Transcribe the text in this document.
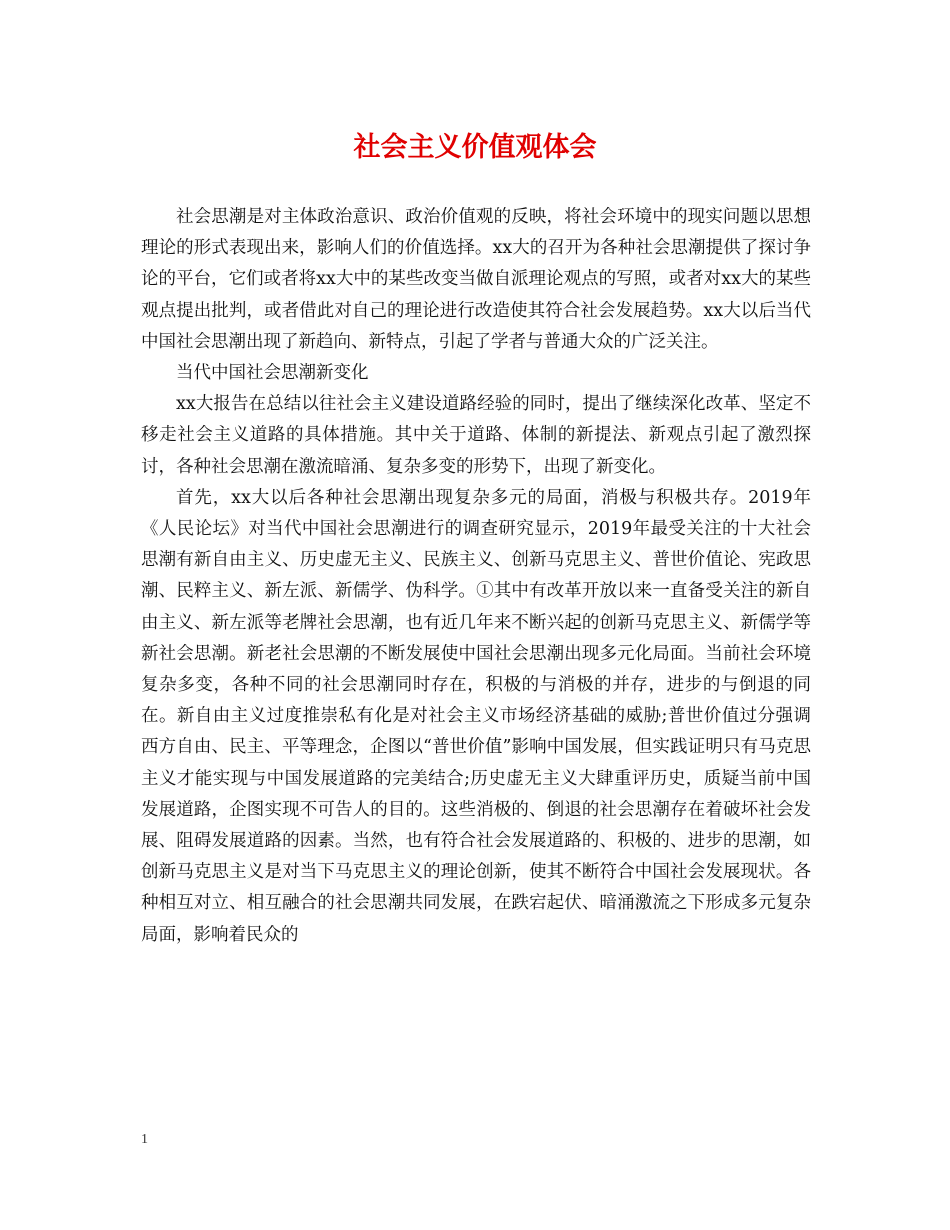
社会主义价值观体会

社会思潮是对主体政治意识、政治价值观的反映，将社会环境中的现实问题以思想理论的形式表现出来，影响人们的价值选择。xx大的召开为各种社会思潮提供了探讨争论的平台，它们或者将xx大中的某些改变当做自派理论观点的写照，或者对xx大的某些观点提出批判，或者借此对自己的理论进行改造使其符合社会发展趋势。xx大以后当代中国社会思潮出现了新趋向、新特点，引起了学者与普通大众的广泛关注。

当代中国社会思潮新变化

xx大报告在总结以往社会主义建设道路经验的同时，提出了继续深化改革、坚定不移走社会主义道路的具体措施。其中关于道路、体制的新提法、新观点引起了激烈探讨，各种社会思潮在激流暗涌、复杂多变的形势下，出现了新变化。

首先，xx大以后各种社会思潮出现复杂多元的局面，消极与积极共存。2019年《人民论坛》对当代中国社会思潮进行的调查研究显示，2019年最受关注的十大社会思潮有新自由主义、历史虚无主义、民族主义、创新马克思主义、普世价值论、宪政思潮、民粹主义、新左派、新儒学、伪科学。①其中有改革开放以来一直备受关注的新自由主义、新左派等老牌社会思潮，也有近几年来不断兴起的创新马克思主义、新儒学等新社会思潮。新老社会思潮的不断发展使中国社会思潮出现多元化局面。当前社会环境复杂多变，各种不同的社会思潮同时存在，积极的与消极的并存，进步的与倒退的同在。新自由主义过度推崇私有化是对社会主义市场经济基础的威胁;普世价值过分强调西方自由、民主、平等理念，企图以“普世价值”影响中国发展，但实践证明只有马克思主义才能实现与中国发展道路的完美结合;历史虚无主义大肆重评历史，质疑当前中国发展道路，企图实现不可告人的目的。这些消极的、倒退的社会思潮存在着破坏社会发展、阻碍发展道路的因素。当然，也有符合社会发展道路的、积极的、进步的思潮，如创新马克思主义是对当下马克思主义的理论创新，使其不断符合中国社会发展现状。各种相互对立、相互融合的社会思潮共同发展，在跌宕起伏、暗涌激流之下形成多元复杂局面，影响着民众的

1
